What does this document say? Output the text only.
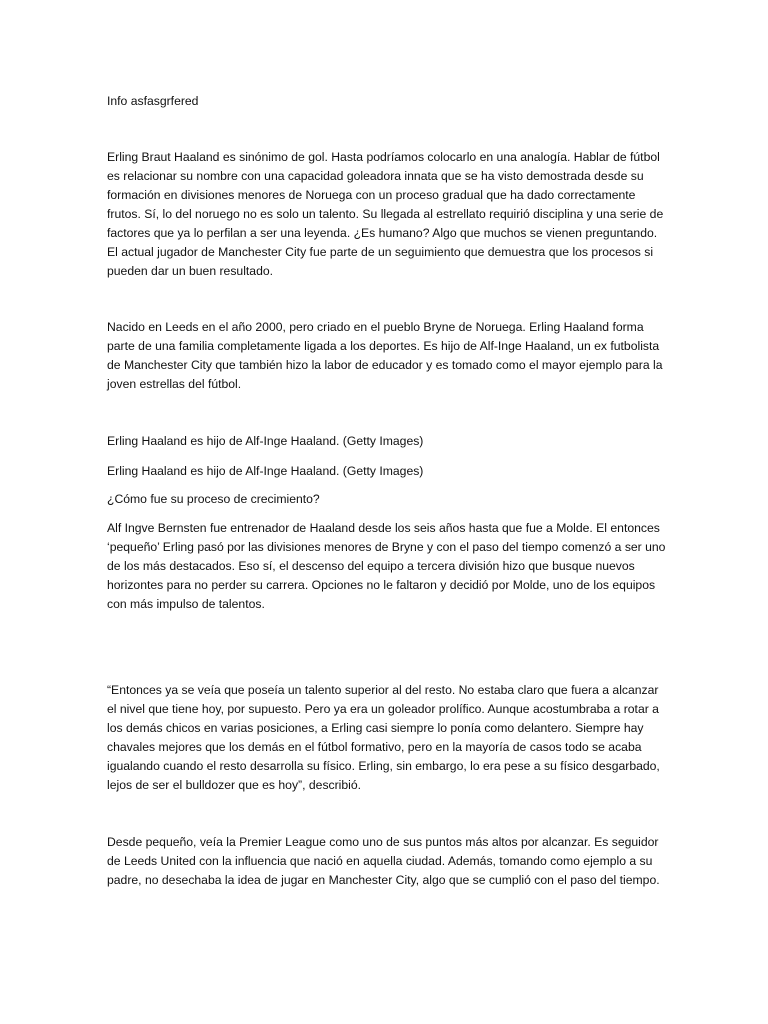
Info asfasgrfered

Erling Braut Haaland es sinónimo de gol. Hasta podríamos colocarlo en una analogía. Hablar de fútbol es relacionar su nombre con una capacidad goleadora innata que se ha visto demostrada desde su formación en divisiones menores de Noruega con un proceso gradual que ha dado correctamente frutos. Sí, lo del noruego no es solo un talento. Su llegada al estrellato requirió disciplina y una serie de factores que ya lo perfilan a ser una leyenda. ¿Es humano? Algo que muchos se vienen preguntando. El actual jugador de Manchester City fue parte de un seguimiento que demuestra que los procesos si pueden dar un buen resultado.

Nacido en Leeds en el año 2000, pero criado en el pueblo Bryne de Noruega. Erling Haaland forma parte de una familia completamente ligada a los deportes. Es hijo de Alf-Inge Haaland, un ex futbolista de Manchester City que también hizo la labor de educador y es tomado como el mayor ejemplo para la joven estrellas del fútbol.

Erling Haaland es hijo de Alf-Inge Haaland. (Getty Images)

Erling Haaland es hijo de Alf-Inge Haaland. (Getty Images)

¿Cómo fue su proceso de crecimiento?

Alf Ingve Bernsten fue entrenador de Haaland desde los seis años hasta que fue a Molde. El entonces ‘pequeño’ Erling pasó por las divisiones menores de Bryne y con el paso del tiempo comenzó a ser uno de los más destacados. Eso sí, el descenso del equipo a tercera división hizo que busque nuevos horizontes para no perder su carrera. Opciones no le faltaron y decidió por Molde, uno de los equipos con más impulso de talentos.

“Entonces ya se veía que poseía un talento superior al del resto. No estaba claro que fuera a alcanzar el nivel que tiene hoy, por supuesto. Pero ya era un goleador prolífico. Aunque acostumbraba a rotar a los demás chicos en varias posiciones, a Erling casi siempre lo ponía como delantero. Siempre hay chavales mejores que los demás en el fútbol formativo, pero en la mayoría de casos todo se acaba igualando cuando el resto desarrolla su físico. Erling, sin embargo, lo era pese a su físico desgarbado, lejos de ser el bulldozer que es hoy”, describió.

Desde pequeño, veía la Premier League como uno de sus puntos más altos por alcanzar. Es seguidor de Leeds United con la influencia que nació en aquella ciudad. Además, tomando como ejemplo a su padre, no desechaba la idea de jugar en Manchester City, algo que se cumplió con el paso del tiempo.
